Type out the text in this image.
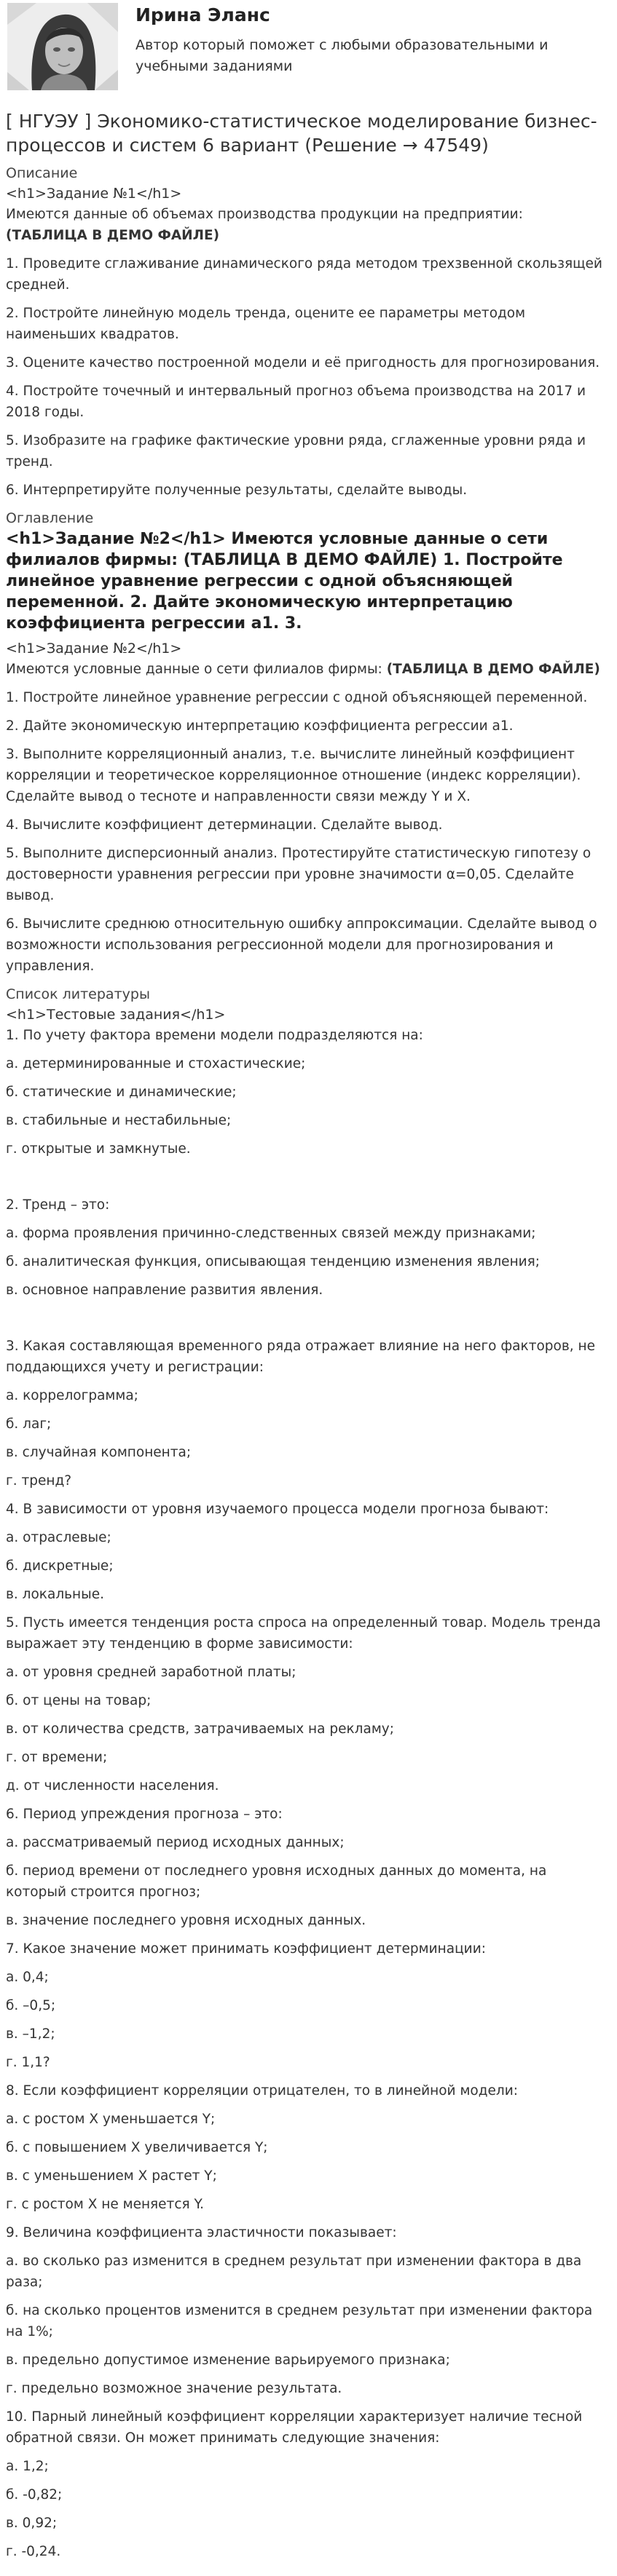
Ирина Эланс
Автор который поможет с любыми образовательными и учебными заданиями
[ НГУЭУ ] Экономико-статистическое моделирование бизнес-процессов и систем 6 вариант (Решение → 47549)

Описание

<h1>Задание №1</h1>

Имеются данные об объемах производства продукции на предприятии:
(ТАБЛИЦА В ДЕМО ФАЙЛЕ)

1. Проведите сглаживание динамического ряда методом трехзвенной скользящей средней.

2. Постройте линейную модель тренда, оцените ее параметры методом наименьших квадратов.

3. Оцените качество построенной модели и её пригодность для прогнозирования.

4. Постройте точечный и интервальный прогноз объема производства на 2017 и 2018 годы.

5. Изобразите на графике фактические уровни ряда, сглаженные уровни ряда и тренд.

6. Интерпретируйте полученные результаты, сделайте выводы.

Оглавление

<h1>Задание №2</h1> Имеются условные данные о сети филиалов фирмы: (ТАБЛИЦА В ДЕМО ФАЙЛЕ) 1. Постройте линейное уравнение регрессии с одной объясняющей переменной. 2. Дайте экономическую интерпретацию коэффициента регрессии a1. 3.

<h1>Задание №2</h1>

Имеются условные данные о сети филиалов фирмы: (ТАБЛИЦА В ДЕМО ФАЙЛЕ)

1. Постройте линейное уравнение регрессии с одной объясняющей переменной.

2. Дайте экономическую интерпретацию коэффициента регрессии a1.

3. Выполните корреляционный анализ, т.е. вычислите линейный коэффициент корреляции и теоретическое корреляционное отношение (индекс корреляции). Сделайте вывод о тесноте и направленности связи между Y и X.

4. Вычислите коэффициент детерминации. Сделайте вывод.

5. Выполните дисперсионный анализ. Протестируйте статистическую гипотезу о достоверности уравнения регрессии при уровне значимости α=0,05. Сделайте вывод.

6. Вычислите среднюю относительную ошибку аппроксимации. Сделайте вывод о возможности использования регрессионной модели для прогнозирования и управления.

Список литературы

<h1>Тестовые задания</h1>

1. По учету фактора времени модели подразделяются на:

а. детерминированные и стохастические;

б. статические и динамические;

в. стабильные и нестабильные;

г. открытые и замкнутые.

2. Тренд – это:

а. форма проявления причинно-следственных связей между признаками;

б. аналитическая функция, описывающая тенденцию изменения явления;

в. основное направление развития явления.

3. Какая составляющая временного ряда отражает влияние на него факторов, не поддающихся учету и регистрации:

а. коррелограмма;

б. лаг;

в. случайная компонента;

г. тренд?

4. В зависимости от уровня изучаемого процесса модели прогноза бывают:

а. отраслевые;

б. дискретные;

в. локальные.

5. Пусть имеется тенденция роста спроса на определенный товар. Модель тренда выражает эту тенденцию в форме зависимости:

а. от уровня средней заработной платы;

б. от цены на товар;

в. от количества средств, затрачиваемых на рекламу;

г. от времени;

д. от численности населения.

6. Период упреждения прогноза – это:

а. рассматриваемый период исходных данных;

б. период времени от последнего уровня исходных данных до момента, на который строится прогноз;

в. значение последнего уровня исходных данных.

7. Какое значение может принимать коэффициент детерминации:

а. 0,4;

б. –0,5;

в. –1,2;

г. 1,1?

8. Если коэффициент корреляции отрицателен, то в линейной модели:

а. с ростом X уменьшается Y;

б. с повышением X увеличивается Y;

в. с уменьшением X растет Y;

г. с ростом X не меняется Y.

9. Величина коэффициента эластичности показывает:

а. во сколько раз изменится в среднем результат при изменении фактора в два раза;

б. на сколько процентов изменится в среднем результат при изменении фактора на 1%;

в. предельно допустимое изменение варьируемого признака;

г. предельно возможное значение результата.

10. Парный линейный коэффициент корреляции характеризует наличие тесной обратной связи. Он может принимать следующие значения:

а. 1,2;

б. -0,82;

в. 0,92;

г. -0,24.
